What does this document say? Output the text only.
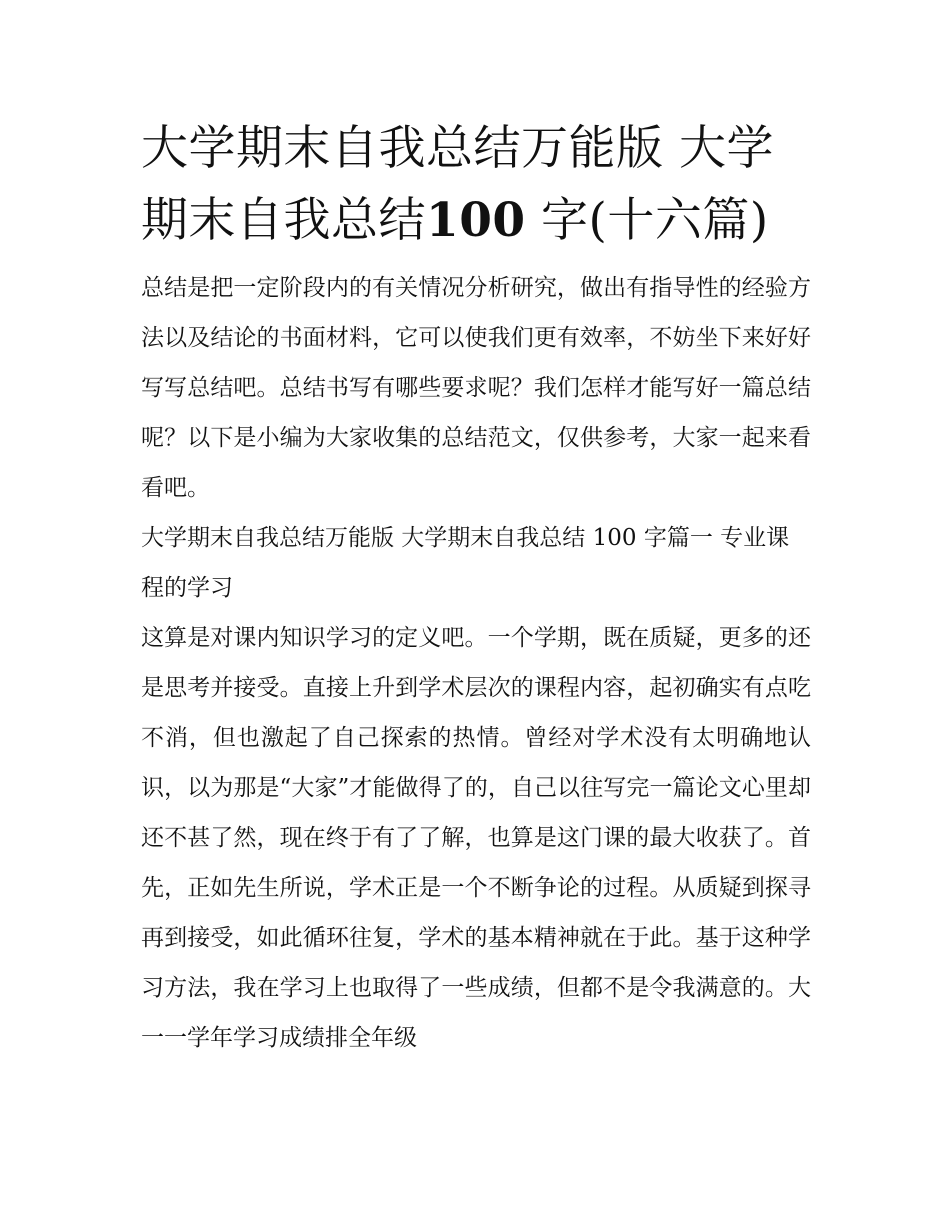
大学期末自我总结万能版 大学期末自我总结100 字(十六篇)

总结是把一定阶段内的有关情况分析研究，做出有指导性的经验方法以及结论的书面材料，它可以使我们更有效率，不妨坐下来好好写写总结吧。总结书写有哪些要求呢？我们怎样才能写好一篇总结呢？以下是小编为大家收集的总结范文，仅供参考，大家一起来看看吧。

大学期末自我总结万能版 大学期末自我总结 100 字篇一 专业课程的学习

这算是对课内知识学习的定义吧。一个学期，既在质疑，更多的还是思考并接受。直接上升到学术层次的课程内容，起初确实有点吃不消，但也激起了自己探索的热情。曾经对学术没有太明确地认识，以为那是“大家”才能做得了的，自己以往写完一篇论文心里却还不甚了然，现在终于有了了解，也算是这门课的最大收获了。首先，正如先生所说，学术正是一个不断争论的过程。从质疑到探寻再到接受，如此循环往复，学术的基本精神就在于此。基于这种学习方法，我在学习上也取得了一些成绩，但都不是令我满意的。大一一学年学习成绩排全年级
